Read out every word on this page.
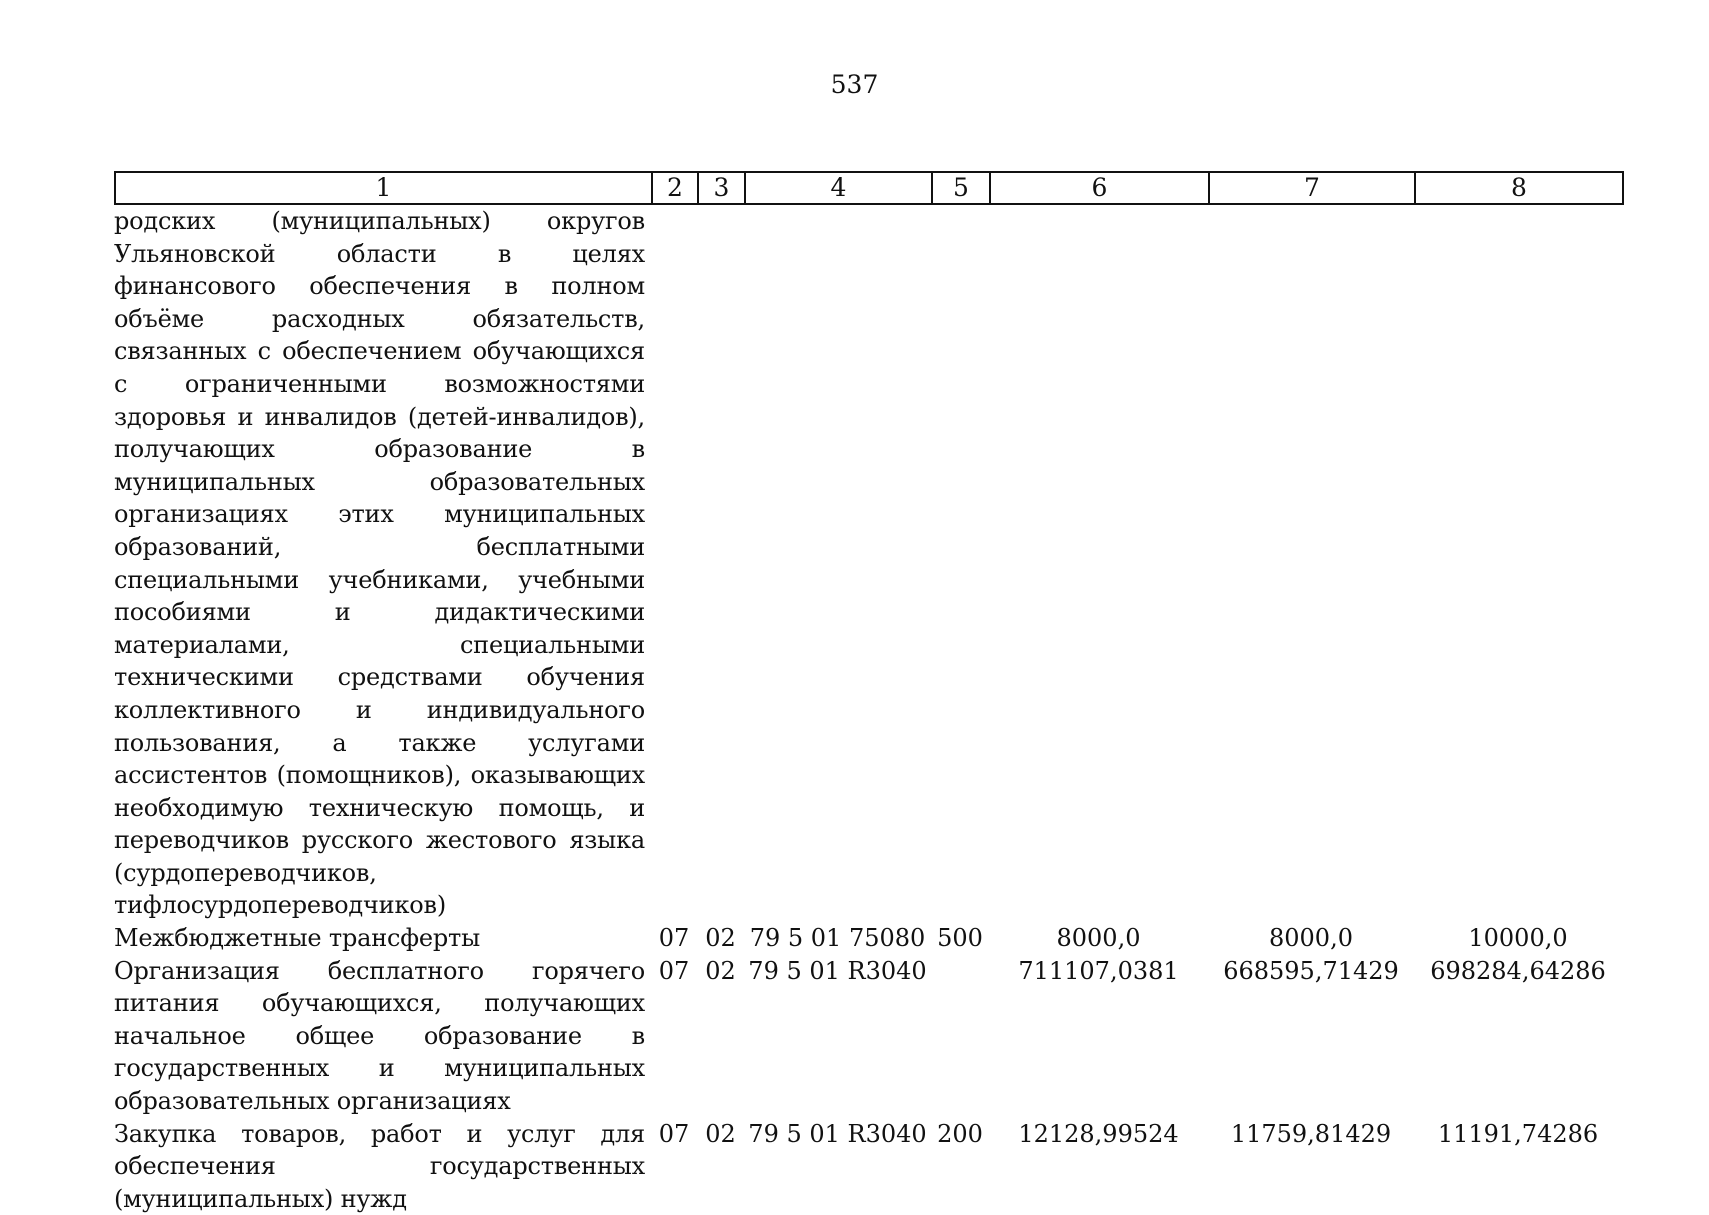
537
1	2	3	4	5	6	7	8
родских (муниципальных) округов Ульяновской области в целях финансового обеспечения в полном объёме расходных обязательств, связанных с обеспечением обучающихся с ограниченными возможностями здоровья и инвалидов (детей-инвалидов), получающих образование в муниципальных образовательных организациях этих муниципальных образований, бесплатными специальными учебниками, учебными пособиями и дидактическими материалами, специальными техническими средствами обучения коллективного и индивидуального пользования, а также услугами ассистентов (помощников), оказывающих необходимую техническую помощь, и переводчиков русского жестового языка (сурдопереводчиков, тифлосурдопереводчиков)							
Межбюджетные трансферты	07	02	79 5 01 75080	500	8000,0	8000,0	10000,0
Организация бесплатного горячего питания обучающихся, получающих начальное общее образование в государственных и муниципальных образовательных организациях	07	02	79 5 01 R3040		711107,0381	668595,71429	698284,64286
Закупка товаров, работ и услуг для обеспечения государственных (муниципальных) нужд	07	02	79 5 01 R3040	200	12128,99524	11759,81429	11191,74286
